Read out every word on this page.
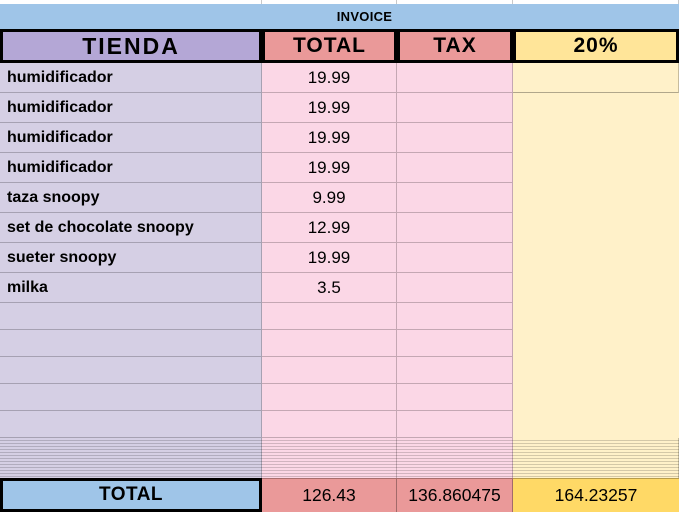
INVOICE
TIENDA	TOTAL	TAX	20%
humidificador	19.99
humidificador	19.99
humidificador	19.99
humidificador	19.99
taza snoopy	9.99
set de chocolate snoopy	12.99
sueter snoopy	19.99
milka	3.5
TOTAL	126.43	136.860475	164.23257
